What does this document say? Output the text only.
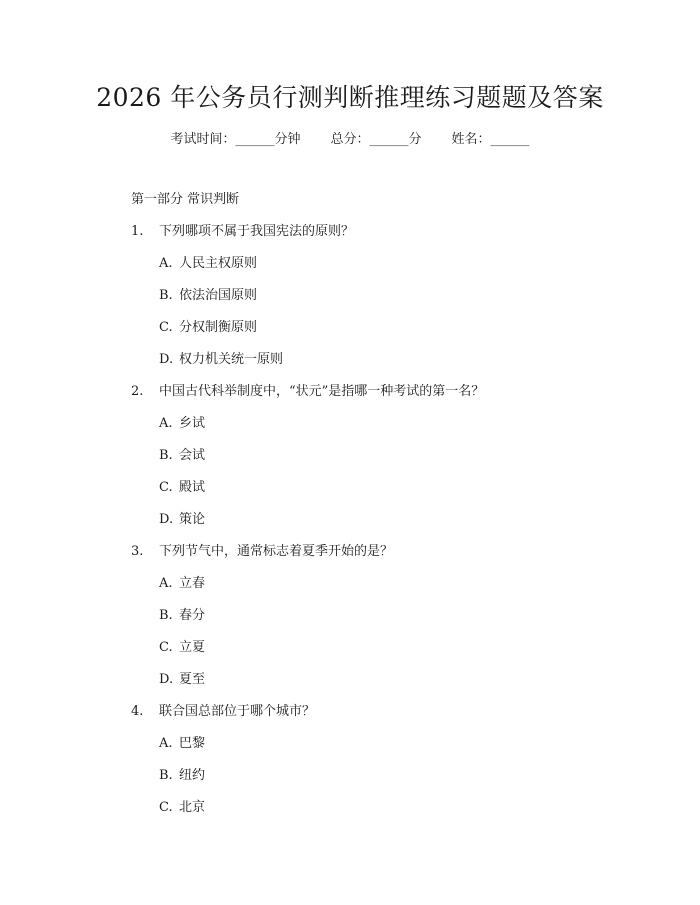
2026 年公务员行测判断推理练习题题及答案
考试时间：______分钟 总分：______分 姓名：______
第一部分 常识判断
1.	下列哪项不属于我国宪法的原则？
A. 人民主权原则
B. 依法治国原则
C. 分权制衡原则
D. 权力机关统一原则
2.	中国古代科举制度中，“状元”是指哪一种考试的第一名？
A. 乡试
B. 会试
C. 殿试
D. 策论
3.	下列节气中，通常标志着夏季开始的是？
A. 立春
B. 春分
C. 立夏
D. 夏至
4.	联合国总部位于哪个城市？
A. 巴黎
B. 纽约
C. 北京
